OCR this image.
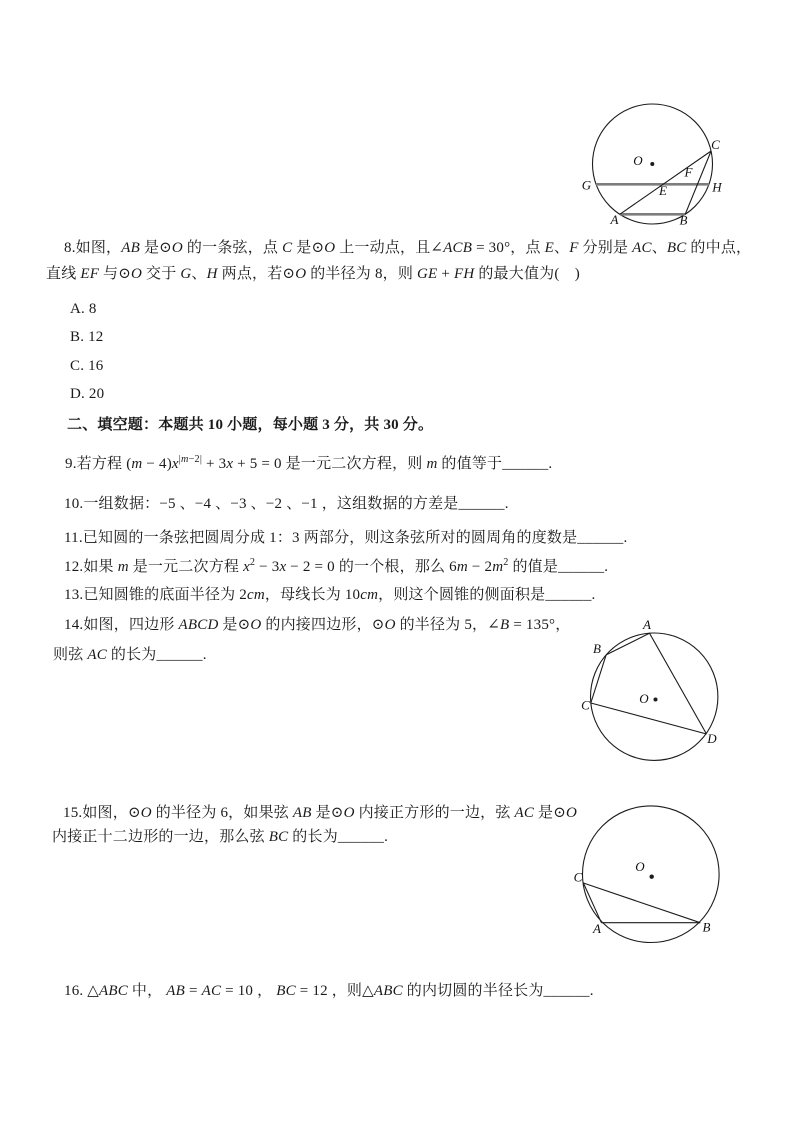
O
C
G	H
E
F
A	B
8.如图，AB 是⊙O 的一条弦，点 C 是⊙O 上一动点，且∠ACB = 30°，点 E、F 分别是 AC、BC 的中点，
直线 EF 与⊙O 交于 G、H 两点，若⊙O 的半径为 8，则 GE + FH 的最大值为(　)
A. 8
B. 12
C. 16
D. 20
二、填空题：本题共 10 小题，每小题 3 分，共 30 分。
9.若方程 $(m - 4)x^{|m-2|} + 3x + 5 = 0$ 是一元二次方程，则 m 的值等于______.
10.一组数据：−5 、−4 、−3 、−2 、−1 ，这组数据的方差是______.
11.已知圆的一条弦把圆周分成 1：3 两部分，则这条弦所对的圆周角的度数是______.
12.如果 m 是一元二次方程 $x^2 - 3x - 2 = 0$ 的一个根，那么 $6m - 2m^2$ 的值是______.
13.已知圆锥的底面半径为 2cm，母线长为 10cm，则这个圆锥的侧面积是______.
14.如图，四边形 ABCD 是⊙O 的内接四边形，⊙O 的半径为 5，∠B = 135°，
则弦 AC 的长为______.
A
B
C	O
D
15.如图，⊙O 的半径为 6，如果弦 AB 是⊙O 内接正方形的一边，弦 AC 是⊙O
内接正十二边形的一边，那么弦 BC 的长为______.
O
C
A	B
16. △ABC 中， AB = AC = 10 ， BC = 12 ，则△ABC 的内切圆的半径长为______.
